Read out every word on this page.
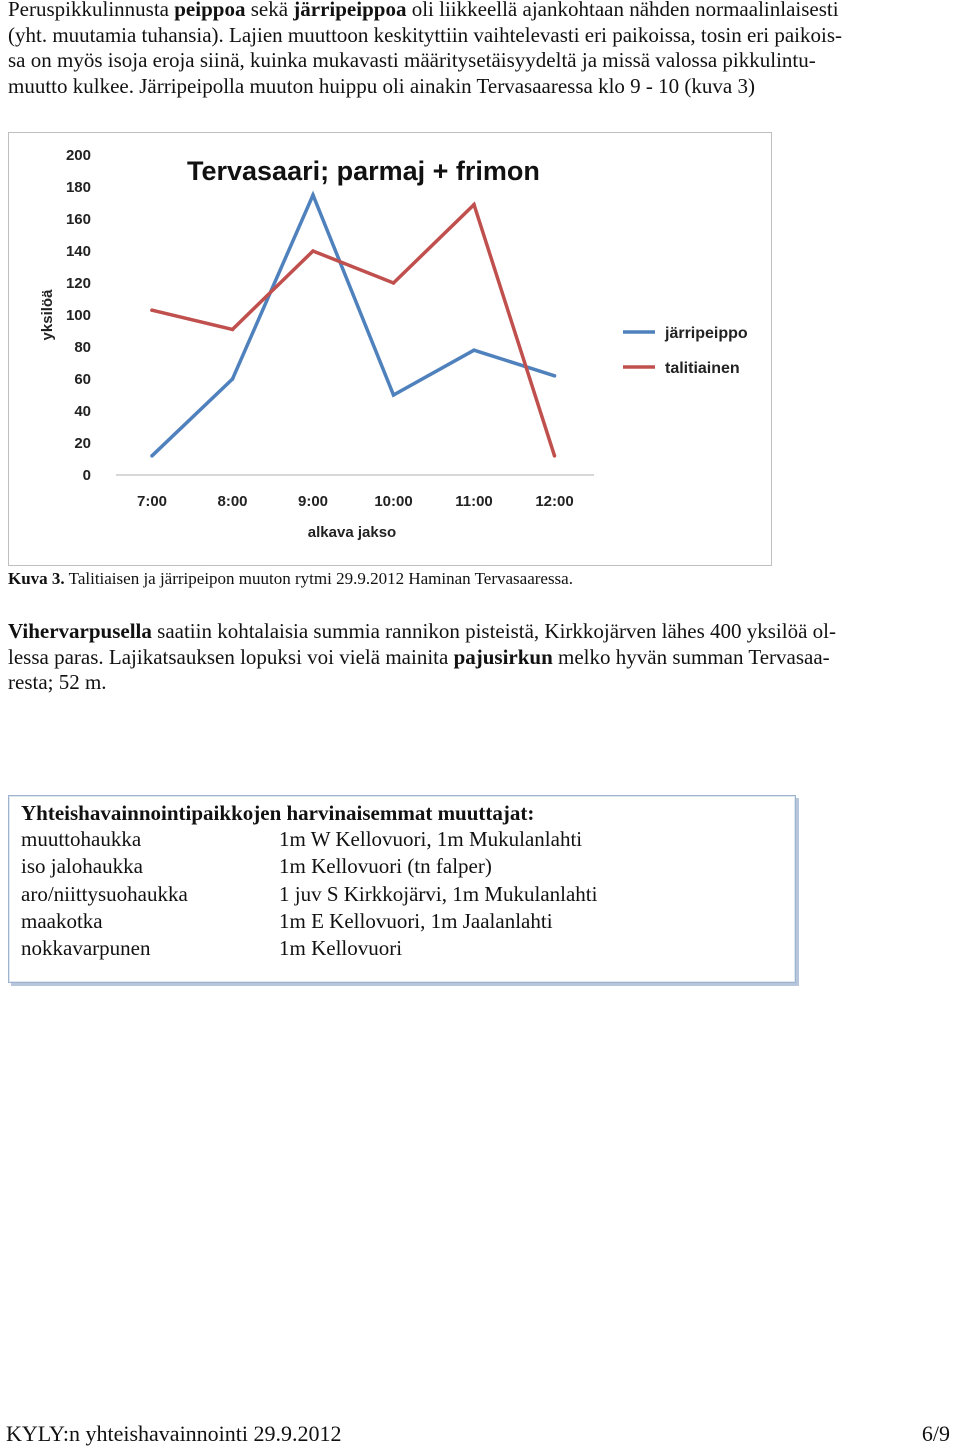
Peruspikkulinnusta peippoa sekä järripeippoa oli liikkeellä ajankohtaan nähden normaalinlaisesti

(yht. muutamia tuhansia). Lajien muuttoon keskityttiin vaihtelevasti eri paikoissa, tosin eri paikois-

sa on myös isoja eroja siinä, kuinka mukavasti määritysetäisyydeltä ja missä valossa pikkulintu-

muutto kulkee. Järripeipolla muuton huippu oli ainakin Tervasaaressa klo 9 - 10 (kuva 3)

Tervasaari; parmaj + frimon
0
20
40
60
80
100
120
140
160
180
200
7:00	8:00	9:00	10:00	11:00	12:00
alkava jakso
yksilöä	järripeippo
talitiainen
Kuva 3. Talitiaisen ja järripeipon muuton rytmi 29.9.2012 Haminan Tervasaaressa.

Vihervarpusella saatiin kohtalaisia summia rannikon pisteistä, Kirkkojärven lähes 400 yksilöä ol-

lessa paras. Lajikatsauksen lopuksi voi vielä mainita pajusirkun melko hyvän summan Tervasaa-

resta; 52 m.

Yhteishavainnointipaikkojen harvinaisemmat muuttajat:
muuttohaukka	1m W Kellovuori, 1m Mukulanlahti
iso jalohaukka	1m Kellovuori (tn falper)
aro/niittysuohaukka	1 juv S Kirkkojärvi, 1m Mukulanlahti
maakotka	1m E Kellovuori, 1m Jaalanlahti
nokkavarpunen	1m Kellovuori
KYLY:n yhteishavainnointi 29.9.2012	6/9
